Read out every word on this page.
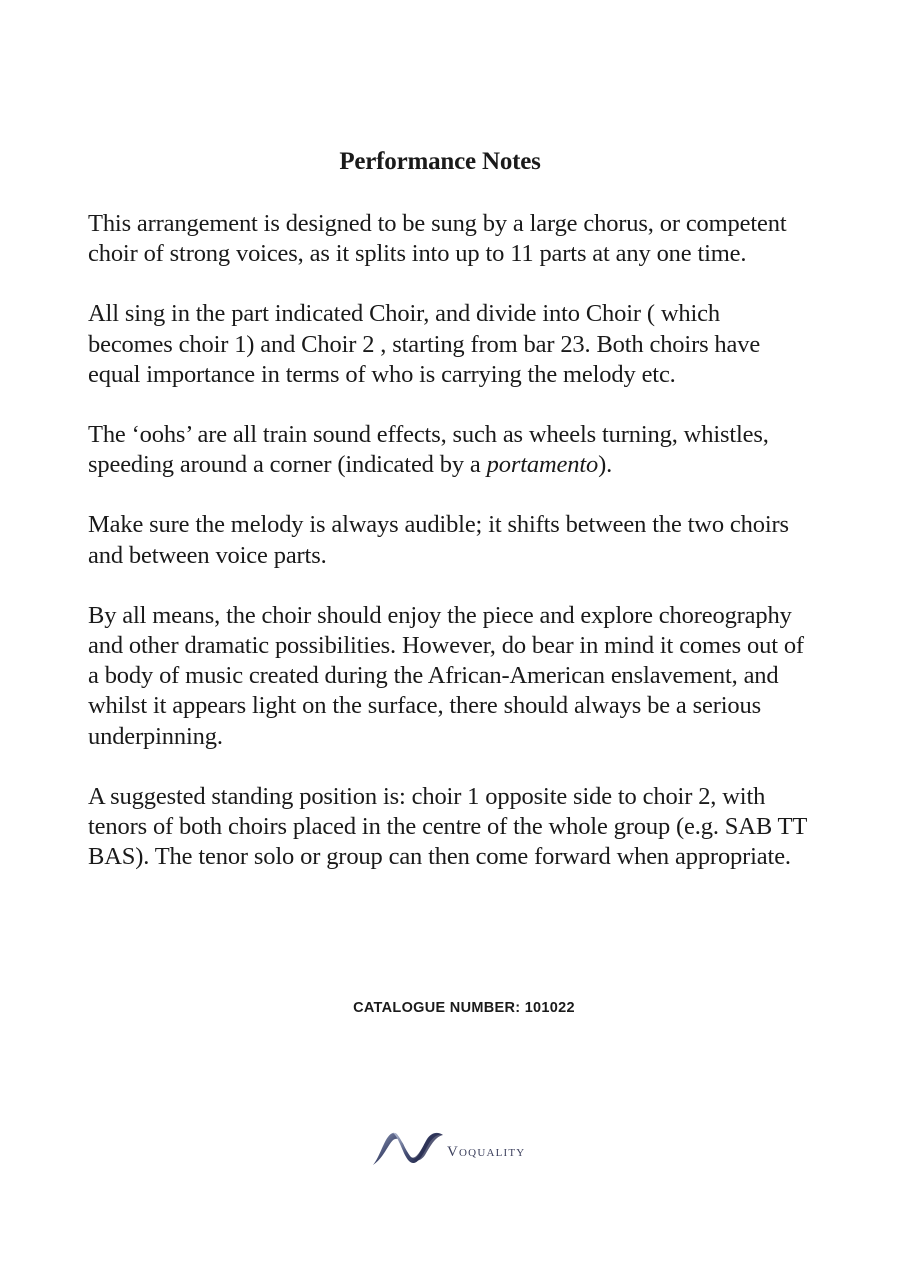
Performance Notes

This arrangement is designed to be sung by a large chorus, or competent choir of strong voices, as it splits into up to 11 parts at any one time.

All sing in the part indicated Choir, and divide into Choir ( which becomes choir 1) and Choir 2 , starting from bar 23. Both choirs have equal importance in terms of who is carrying the melody etc.

The ‘oohs’ are all train sound effects, such as wheels turning, whistles, speeding around a corner (indicated by a portamento).

Make sure the melody is always audible; it shifts between the two choirs and between voice parts.

By all means, the choir should enjoy the piece and explore choreography and other dramatic possibilities. However, do bear in mind it comes out of a body of music created during the African-American enslavement, and whilst it appears light on the surface, there should always be a serious underpinning.

A suggested standing position is: choir 1 opposite side to choir 2, with tenors of both choirs placed in the centre of the whole group (e.g. SAB TT BAS). The tenor solo or group can then come forward when appropriate.

CATALOGUE NUMBER: 101022
Voquality
